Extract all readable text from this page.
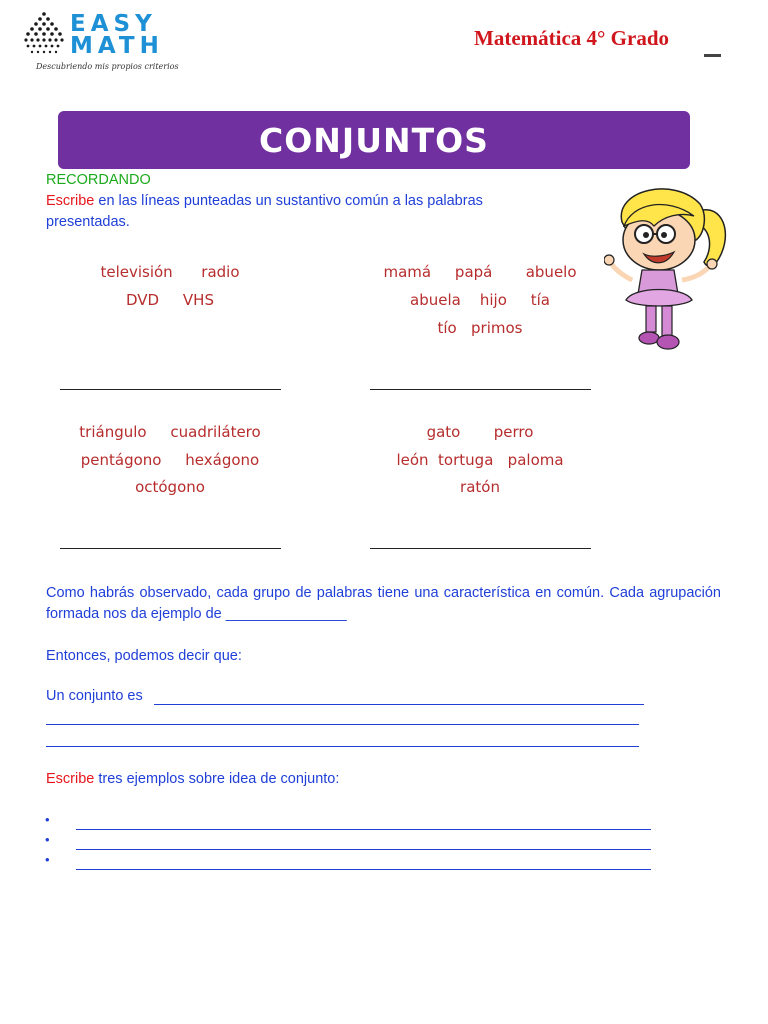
EASY
MATH
Descubriendo mis propios criterios
Matemática 4° Grado
CONJUNTOS
RECORDANDO
Escribe en las líneas punteadas un sustantivo común a las palabras presentadas.
televisión      radio
DVD     VHS
mamá     papá       abuelo
abuela    hijo     tía
tío   primos
triángulo     cuadrilátero
pentágono     hexágono
octógono
gato       perro
león  tortuga   paloma
ratón
Como habrás observado, cada grupo de palabras tiene una característica en común. Cada agrupación formada nos da ejemplo de _______________
Entonces, podemos decir que:
Un conjunto es
Escribe tres ejemplos sobre idea de conjunto:
•
•
•
